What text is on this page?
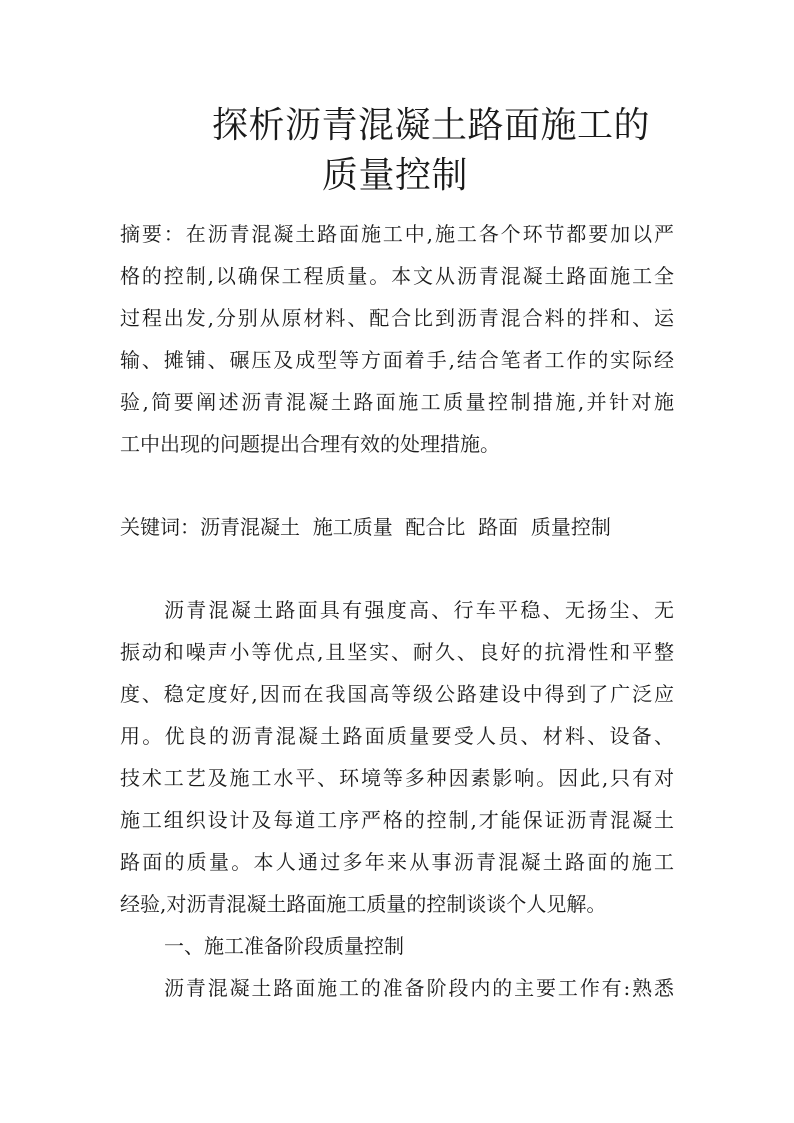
探析沥青混凝土路面施工的
质量控制
摘要：在沥青混凝土路面施工中,施工各个环节都要加以严
格的控制,以确保工程质量。本文从沥青混凝土路面施工全
过程出发,分别从原材料、配合比到沥青混合料的拌和、运
输、摊铺、碾压及成型等方面着手,结合笔者工作的实际经
验,简要阐述沥青混凝土路面施工质量控制措施,并针对施
工中出现的问题提出合理有效的处理措施。
关键词：沥青混凝土  施工质量  配合比  路面  质量控制
沥青混凝土路面具有强度高、行车平稳、无扬尘、无
振动和噪声小等优点,且坚实、耐久、良好的抗滑性和平整
度、稳定度好,因而在我国高等级公路建设中得到了广泛应
用。优良的沥青混凝土路面质量要受人员、材料、设备、
技术工艺及施工水平、环境等多种因素影响。因此,只有对
施工组织设计及每道工序严格的控制,才能保证沥青混凝土
路面的质量。本人通过多年来从事沥青混凝土路面的施工
经验,对沥青混凝土路面施工质量的控制谈谈个人见解。
一、施工准备阶段质量控制
沥青混凝土路面施工的准备阶段内的主要工作有:熟悉
